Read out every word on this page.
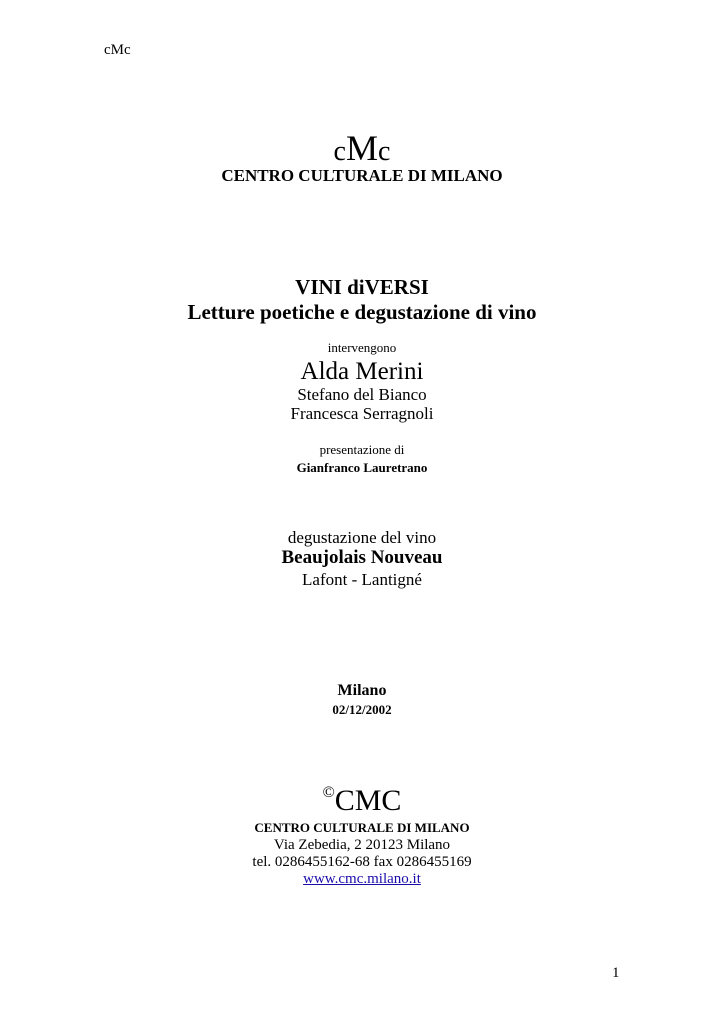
cMc
cMc
CENTRO CULTURALE DI MILANO
VINI diVERSI
Letture poetiche e degustazione di vino
intervengono
Alda Merini
Stefano del Bianco
Francesca Serragnoli
presentazione di
Gianfranco Lauretrano
degustazione del vino
Beaujolais Nouveau
Lafont - Lantigné
Milano
02/12/2002
©CMC
CENTRO CULTURALE DI MILANO
Via Zebedia, 2 20123 Milano
tel. 0286455162-68 fax 0286455169
www.cmc.milano.it
1
